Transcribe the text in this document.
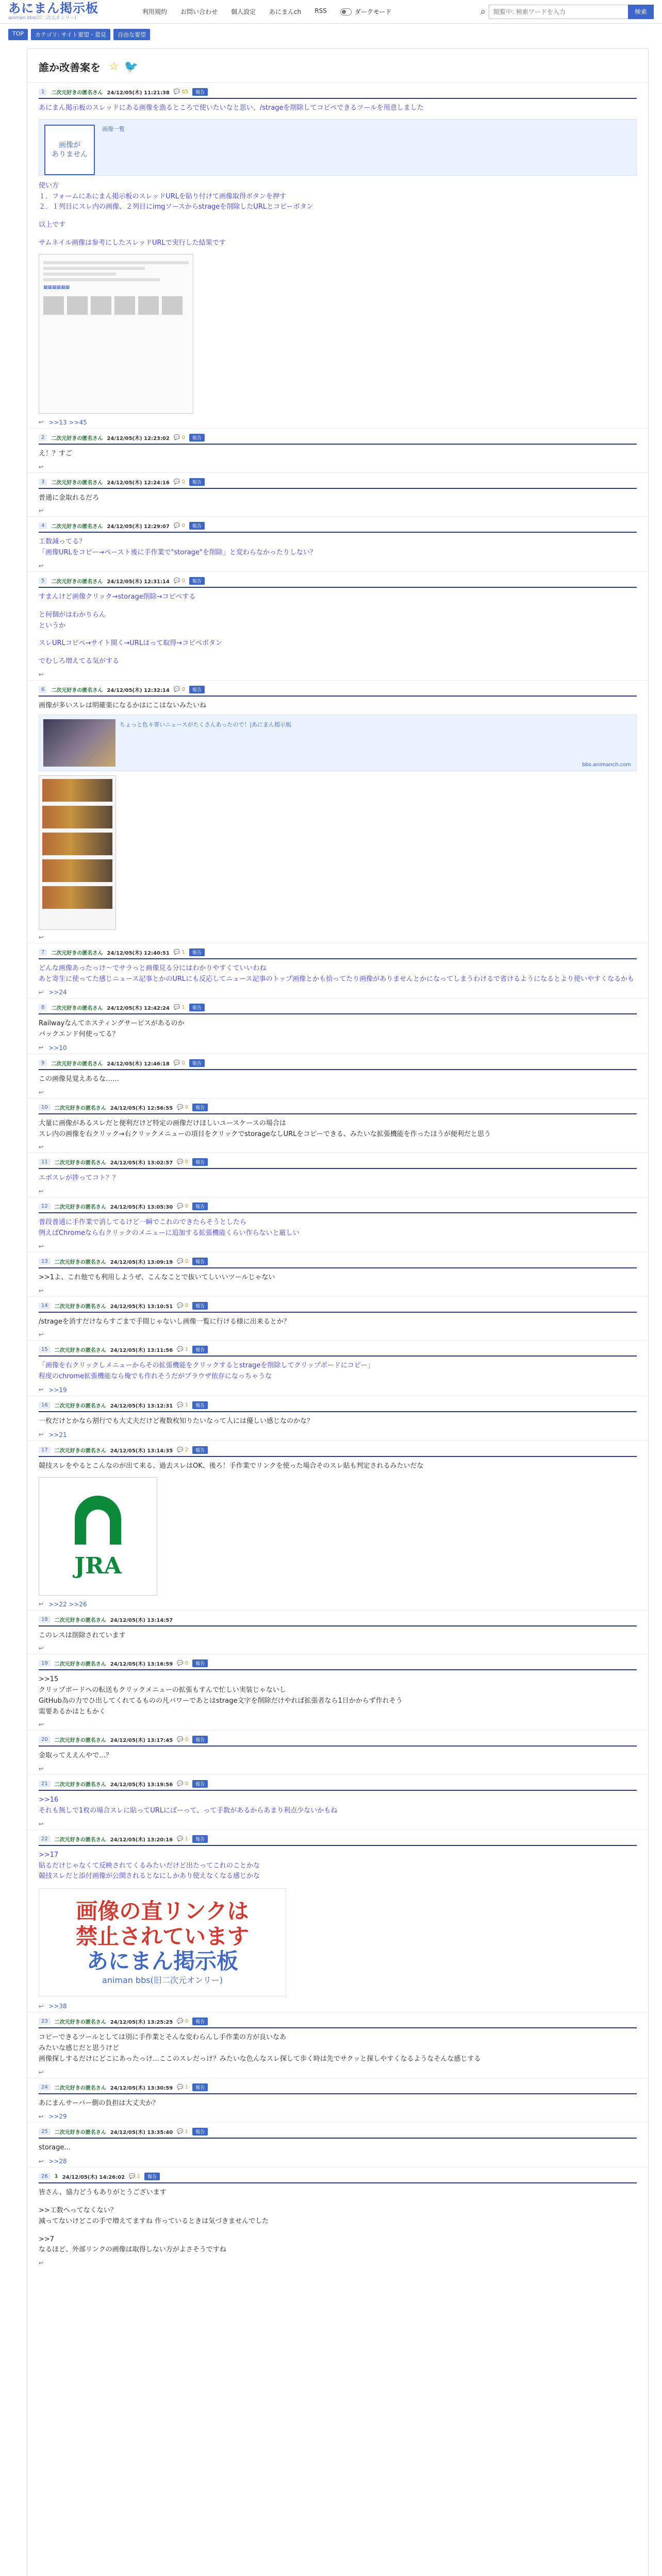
あにまん掲示板
animan bbs(旧二次元オンリー)
利用規約 お問い合わせ 個人設定 あにまんch RSS	ダークモード	⌕
閲覧中: 検索ワードを入力	検索
TOP	カテゴリ: サイト要望・意見	自由な要望
誰か改善案を ☆ 🐦
1	二次元好きの匿名さん 24/12/05(木) 11:21:38 💬 65	報告
あにまん掲示板のスレッドにある画像を漁るところで使いたいなと思い、/strageを削除してコピペできるツールを用意しました
画像が
ありません
画像一覧
使い方
１．フォームにあにまん掲示板のスレッドURLを貼り付けて画像取得ボタンを押す
２．１列目にスレ内の画像、２列目にimgソースからstrageを削除したURLとコピーボタン
以上です
サムネイル画像は参考にしたスレッドURLで実行した結果です
▦▦▦▦▦▦
↩ >>13 >>45
2	二次元好きの匿名さん 24/12/05(木) 12:23:02 💬 0	報告
え！？すご
↩
3	二次元好きの匿名さん 24/12/05(木) 12:24:16 💬 0	報告
普通に金取れるだろ
↩
4	二次元好きの匿名さん 24/12/05(木) 12:29:07 💬 0	報告
工数減ってる？
「画像URLをコピー→ペースト後に手作業で"storage"を削除」と変わらなかったりしない？
↩
5	二次元好きの匿名さん 24/12/05(木) 12:31:14 💬 0	報告
すまんけど画像クリック→storage削除→コピペする
と何個がはわかりらん
というか
スレURLコピペ→サイト開く→URLはって取得→コピペボタン
でむしろ増えてる気がする
↩
6	二次元好きの匿名さん 24/12/05(木) 12:32:14 💬 0	報告
画像が多いスレは明確楽になるかはにこはないみたいね
ちょっと色々寄いニュースがたくさんあったので！|あにまん掲示板
bbs.animanch.com
↩
7	二次元好きの匿名さん 24/12/05(木) 12:40:51 💬 1	報告
どんな画像あったっけ〜でサラっと画像見る分にはわかりやすくていいわね
あと寄生に使ってた感じニュース記事とかのURLにも反応してニュース記事のトップ画像とかも拾ってたり画像がありませんとかになってしまうわけるで省けるようになるとより使いやすくなるかも
↩ >>24
8	二次元好きの匿名さん 24/12/05(木) 12:42:24 💬 1	報告
Railwayなんてホスティングサービスがあるのか
バックエンド何使ってる？
↩ >>10
9	二次元好きの匿名さん 24/12/05(木) 12:46:18 💬 0	報告
この画像見覚えあるな……
↩
10	二次元好きの匿名さん 24/12/05(木) 12:56:55 💬 0	報告
大量に画像があるスレだと便利だけど特定の画像だけほしいユースケースの場合は
スレ内の画像を右クリック→右クリックメニューの項目をクリックでstorageなしURLをコピーできる、みたいな拡張機能を作ったほうが便利だと思う
↩
11	二次元好きの匿名さん 24/12/05(木) 13:02:57 💬 0	報告
エボスレが捗ってコト？？
↩
12	二次元好きの匿名さん 24/12/05(木) 13:05:30 💬 0	報告
普段普通に手作業で消してるけど一瞬でこれのできたらそうとしたら
例えばChromeなら右クリックのメニューに追加する拡張機能くらい作らないと厳しい
↩
13	二次元好きの匿名さん 24/12/05(木) 13:09:19 💬 0	報告
>>1よ、これ他でも利用しようぜ、こんなことで抜いてしいいツールじゃない
↩
14	二次元好きの匿名さん 24/12/05(木) 13:10:51 💬 0	報告
/strageを消すだけならすごまで手間じゃないし画像一覧に行ける様に出来るとか？
↩
15	二次元好きの匿名さん 24/12/05(木) 13:11:56 💬 1	報告
「画像を右クリックしメニューからその拡張機能をクリックするとstrageを削除してクリップボードにコピー」
程度のchrome拡張機能なら俺でも作れそうだがブラウザ依存になっちゃうな
↩ >>19
16	二次元好きの匿名さん 24/12/05(木) 13:12:31 💬 1	報告
一枚だけとかなら割行でも大丈夫だけど複数枚知りたいなって人には優しい感じなのかな？
↩ >>21
17	二次元好きの匿名さん 24/12/05(木) 13:14:35 💬 2	報告
競技スレをやるとこんなのが出て来る、過去スレはOK、後ろ！手作業でリンクを使った場合そのスレ貼も判定されるみたいだな
JRA
↩ >>22 >>26
18	二次元好きの匿名さん 24/12/05(木) 13:14:57
このレスは削除されています
↩
19	二次元好きの匿名さん 24/12/05(木) 13:16:59 💬 0	報告
>>15
クリップボードへの転送もクリックメニューの拡張もすんで忙しい実装じゃないし
GitHub為の力でひ出してくれてるものの凡パワーであとはstrage文字を削除だけやれば拡張者なら1日かからず作れそう
需要あるかはともかく
↩
20	二次元好きの匿名さん 24/12/05(木) 13:17:45 💬 0	報告
金取ってええんやで…？
↩
21	二次元好きの匿名さん 24/12/05(木) 13:19:56 💬 0	報告
>>16
それも無しで1枚の場合スレに貼ってURLにばーって、って手数があるからあまり利点少ないかもね
↩
22	二次元好きの匿名さん 24/12/05(木) 13:20:16 💬 1	報告
>>17
貼るだけじゃなくて反映されてくるみたいだけど出たってこれのことかな
競技スレだと添付画像が公開されるとなにしかあり使えなくなる感じかな
画像の直リンクは
禁止されています
あにまん掲示板
animan bbs(旧二次元オンリー)
↩ >>38
23	二次元好きの匿名さん 24/12/05(木) 13:25:25 💬 0	報告
コピーできるツールとしては別に手作業とそんな変わらんし手作業の方が良いなあ
みたいな感じだと思うけど
画像探しするだけにどこにあったっけ…ここのスレだっけ？みたいな色んなスレ探して歩く時は先でサクッと探しやすくなるようなそんな感じする
↩
24	二次元好きの匿名さん 24/12/05(木) 13:30:59 💬 1	報告
あにまんサーバー側の負担は大丈夫か？
↩ >>29
25	二次元好きの匿名さん 24/12/05(木) 13:35:40 💬 1	報告
storage…
↩ >>28
26	1 24/12/05(木) 14:26:02 💬 1	報告
皆さん、協力どうもありがとうございます
>>工数へってなくない？
減ってないけどこの手で増えてますね 作っているときは気づきませんでした
>>7
なるほど、外部リンクの画像は取得しない方がよさそうですね
↩
